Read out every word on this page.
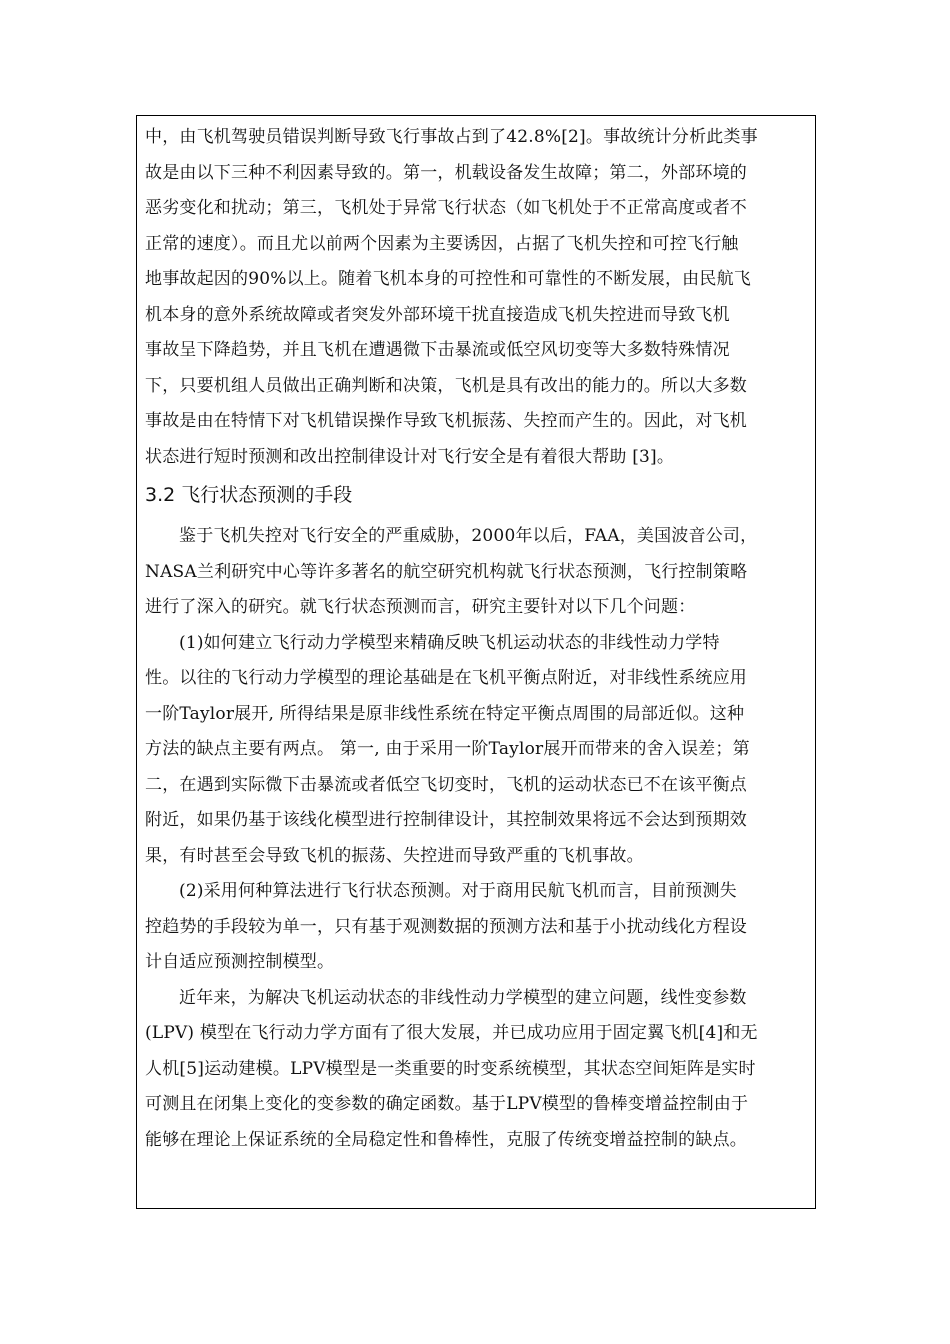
中，由飞机驾驶员错误判断导致飞行事故占到了42.8%[2]。事故统计分析此类事
故是由以下三种不利因素导致的。第一，机载设备发生故障；第二，外部环境的
恶劣变化和扰动；第三，飞机处于异常飞行状态（如飞机处于不正常高度或者不
正常的速度）。而且尤以前两个因素为主要诱因，占据了飞机失控和可控飞行触
地事故起因的90%以上。随着飞机本身的可控性和可靠性的不断发展，由民航飞
机本身的意外系统故障或者突发外部环境干扰直接造成飞机失控进而导致飞机
事故呈下降趋势，并且飞机在遭遇微下击暴流或低空风切变等大多数特殊情况
下，只要机组人员做出正确判断和决策，飞机是具有改出的能力的。所以大多数
事故是由在特情下对飞机错误操作导致飞机振荡、失控而产生的。因此，对飞机
状态进行短时预测和改出控制律设计对飞行安全是有着很大帮助 [3]。
3.2 飞行状态预测的手段
鉴于飞机失控对飞行安全的严重威胁，2000年以后，FAA，美国波音公司，
NASA兰利研究中心等许多著名的航空研究机构就飞行状态预测，飞行控制策略
进行了深入的研究。就飞行状态预测而言，研究主要针对以下几个问题：
(1)如何建立飞行动力学模型来精确反映飞机运动状态的非线性动力学特
性。以往的飞行动力学模型的理论基础是在飞机平衡点附近，对非线性系统应用
一阶Taylor展开, 所得结果是原非线性系统在特定平衡点周围的局部近似。这种
方法的缺点主要有两点。 第一, 由于采用一阶Taylor展开而带来的舍入误差；第
二，在遇到实际微下击暴流或者低空飞切变时，飞机的运动状态已不在该平衡点
附近，如果仍基于该线化模型进行控制律设计，其控制效果将远不会达到预期效
果，有时甚至会导致飞机的振荡、失控进而导致严重的飞机事故。
(2)采用何种算法进行飞行状态预测。对于商用民航飞机而言，目前预测失
控趋势的手段较为单一，只有基于观测数据的预测方法和基于小扰动线化方程设
计自适应预测控制模型。
近年来，为解决飞机运动状态的非线性动力学模型的建立问题，线性变参数
(LPV) 模型在飞行动力学方面有了很大发展，并已成功应用于固定翼飞机[4]和无
人机[5]运动建模。LPV模型是一类重要的时变系统模型，其状态空间矩阵是实时
可测且在闭集上变化的变参数的确定函数。基于LPV模型的鲁棒变增益控制由于
能够在理论上保证系统的全局稳定性和鲁棒性，克服了传统变增益控制的缺点。
